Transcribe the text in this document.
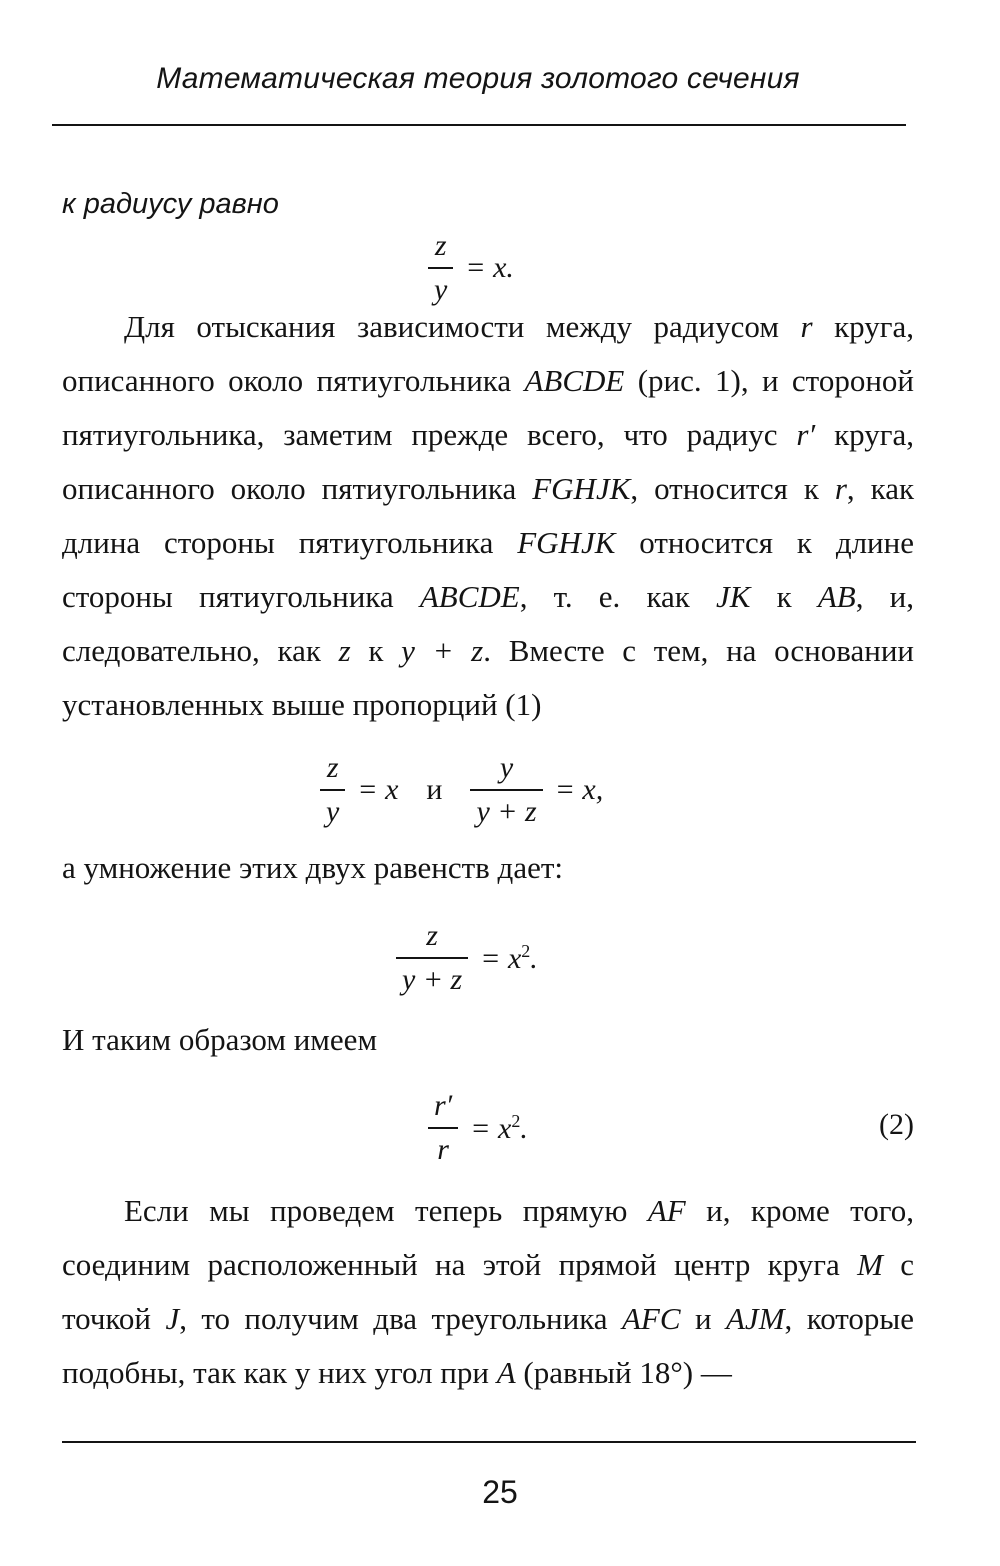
Математическая теория золотого сечения
к радиусу равно
$\frac{z}{y} = x$.

Для отыскания зависимости между радиусом r круга, описанного около пятиугольника ABCDE (рис. 1), и стороной пятиугольника, заметим прежде всего, что радиус r′ круга, описанного около пятиугольника FGHJK, относится к r, как длина стороны пятиугольника FGHJK относится к длине стороны пятиугольника ABCDE, т. е. как JK к AB, и, следовательно, как z к y + z. Вместе с тем, на основании установленных выше пропорций (1)

$\frac{z}{y} = x$ и $\frac{y}{y + z} = x$,
а умножение этих двух равенств дает:
$\frac{z}{y + z} = x^2$.
И таким образом имеем
$\frac{r'}{r} = x^2$.	(2)

Если мы проведем теперь прямую AF и, кроме того, соединим расположенный на этой прямой центр круга M с точкой J, то получим два треугольника AFC и AJM, которые подобны, так как у них угол при A (равный 18°) —

25
